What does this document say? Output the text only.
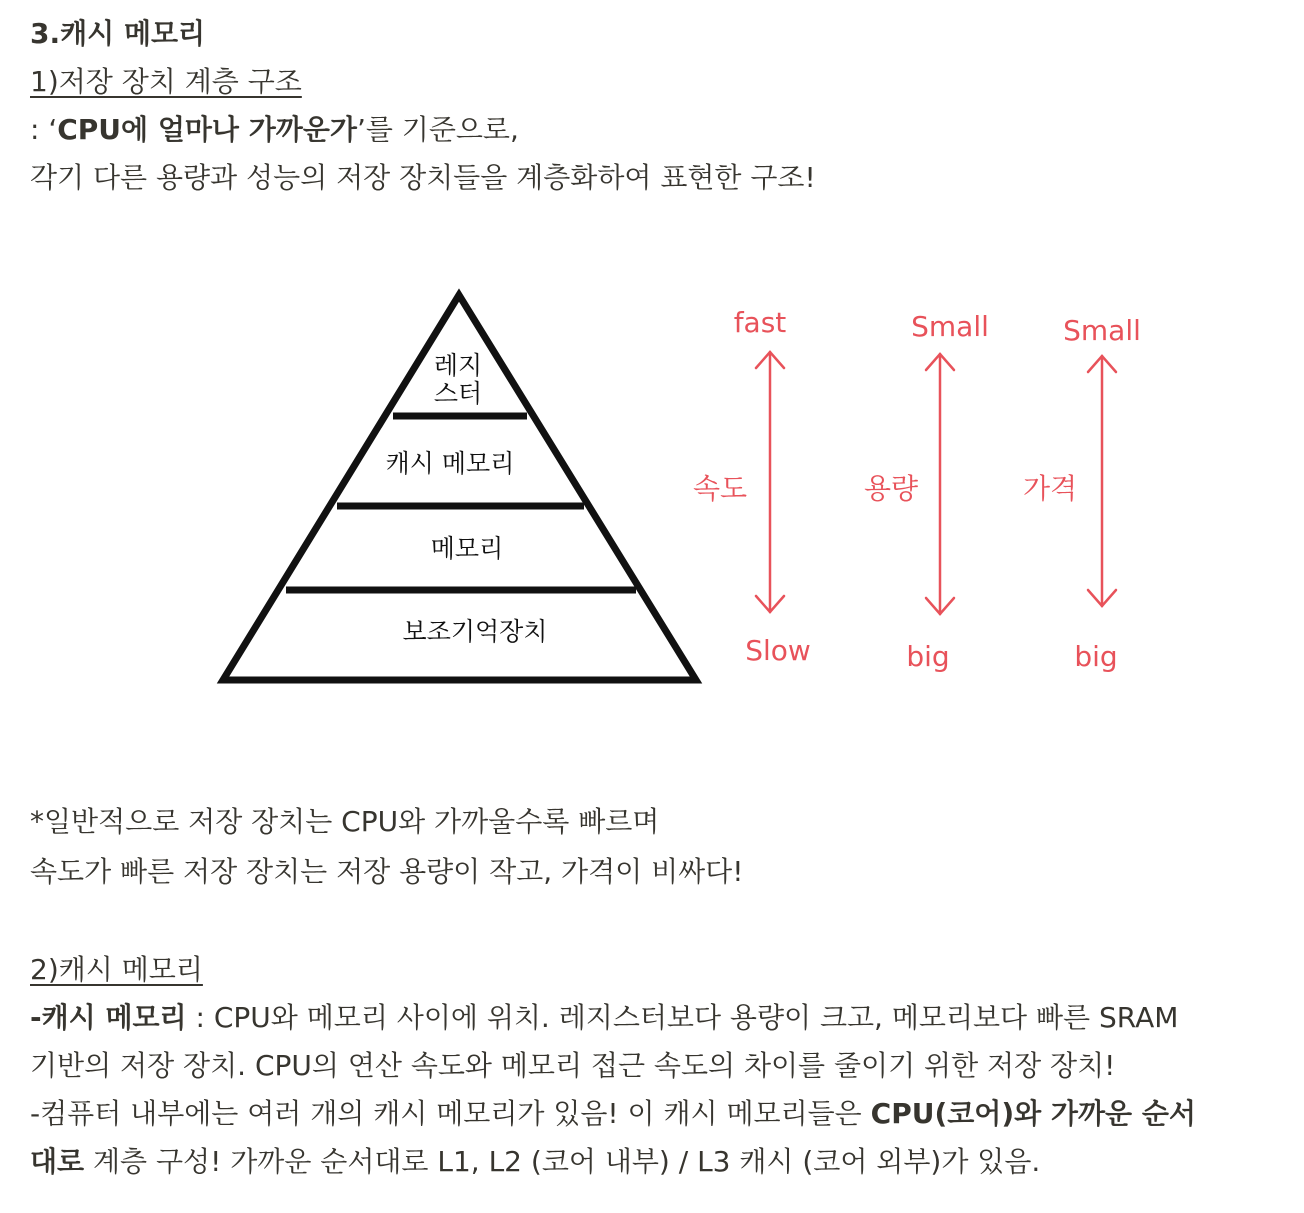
3.캐시 메모리
1)저장 장치 계층 구조
: ‘CPU에 얼마나 가까운가’를 기준으로,
각기 다른 용량과 성능의 저장 장치들을 계층화하여 표현한 구조!
레지
스터
캐시 메모리
메모리
보조기억장치
fast
속도
Slow
Small
용량
big
Small
가격
big
*일반적으로 저장 장치는 CPU와 가까울수록 빠르며
속도가 빠른 저장 장치는 저장 용량이 작고, 가격이 비싸다!
2)캐시 메모리
-캐시 메모리 : CPU와 메모리 사이에 위치. 레지스터보다 용량이 크고, 메모리보다 빠른 SRAM
기반의 저장 장치. CPU의 연산 속도와 메모리 접근 속도의 차이를 줄이기 위한 저장 장치!
-컴퓨터 내부에는 여러 개의 캐시 메모리가 있음! 이 캐시 메모리들은 CPU(코어)와 가까운 순서
대로 계층 구성! 가까운 순서대로 L1, L2 (코어 내부) / L3 캐시 (코어 외부)가 있음.
